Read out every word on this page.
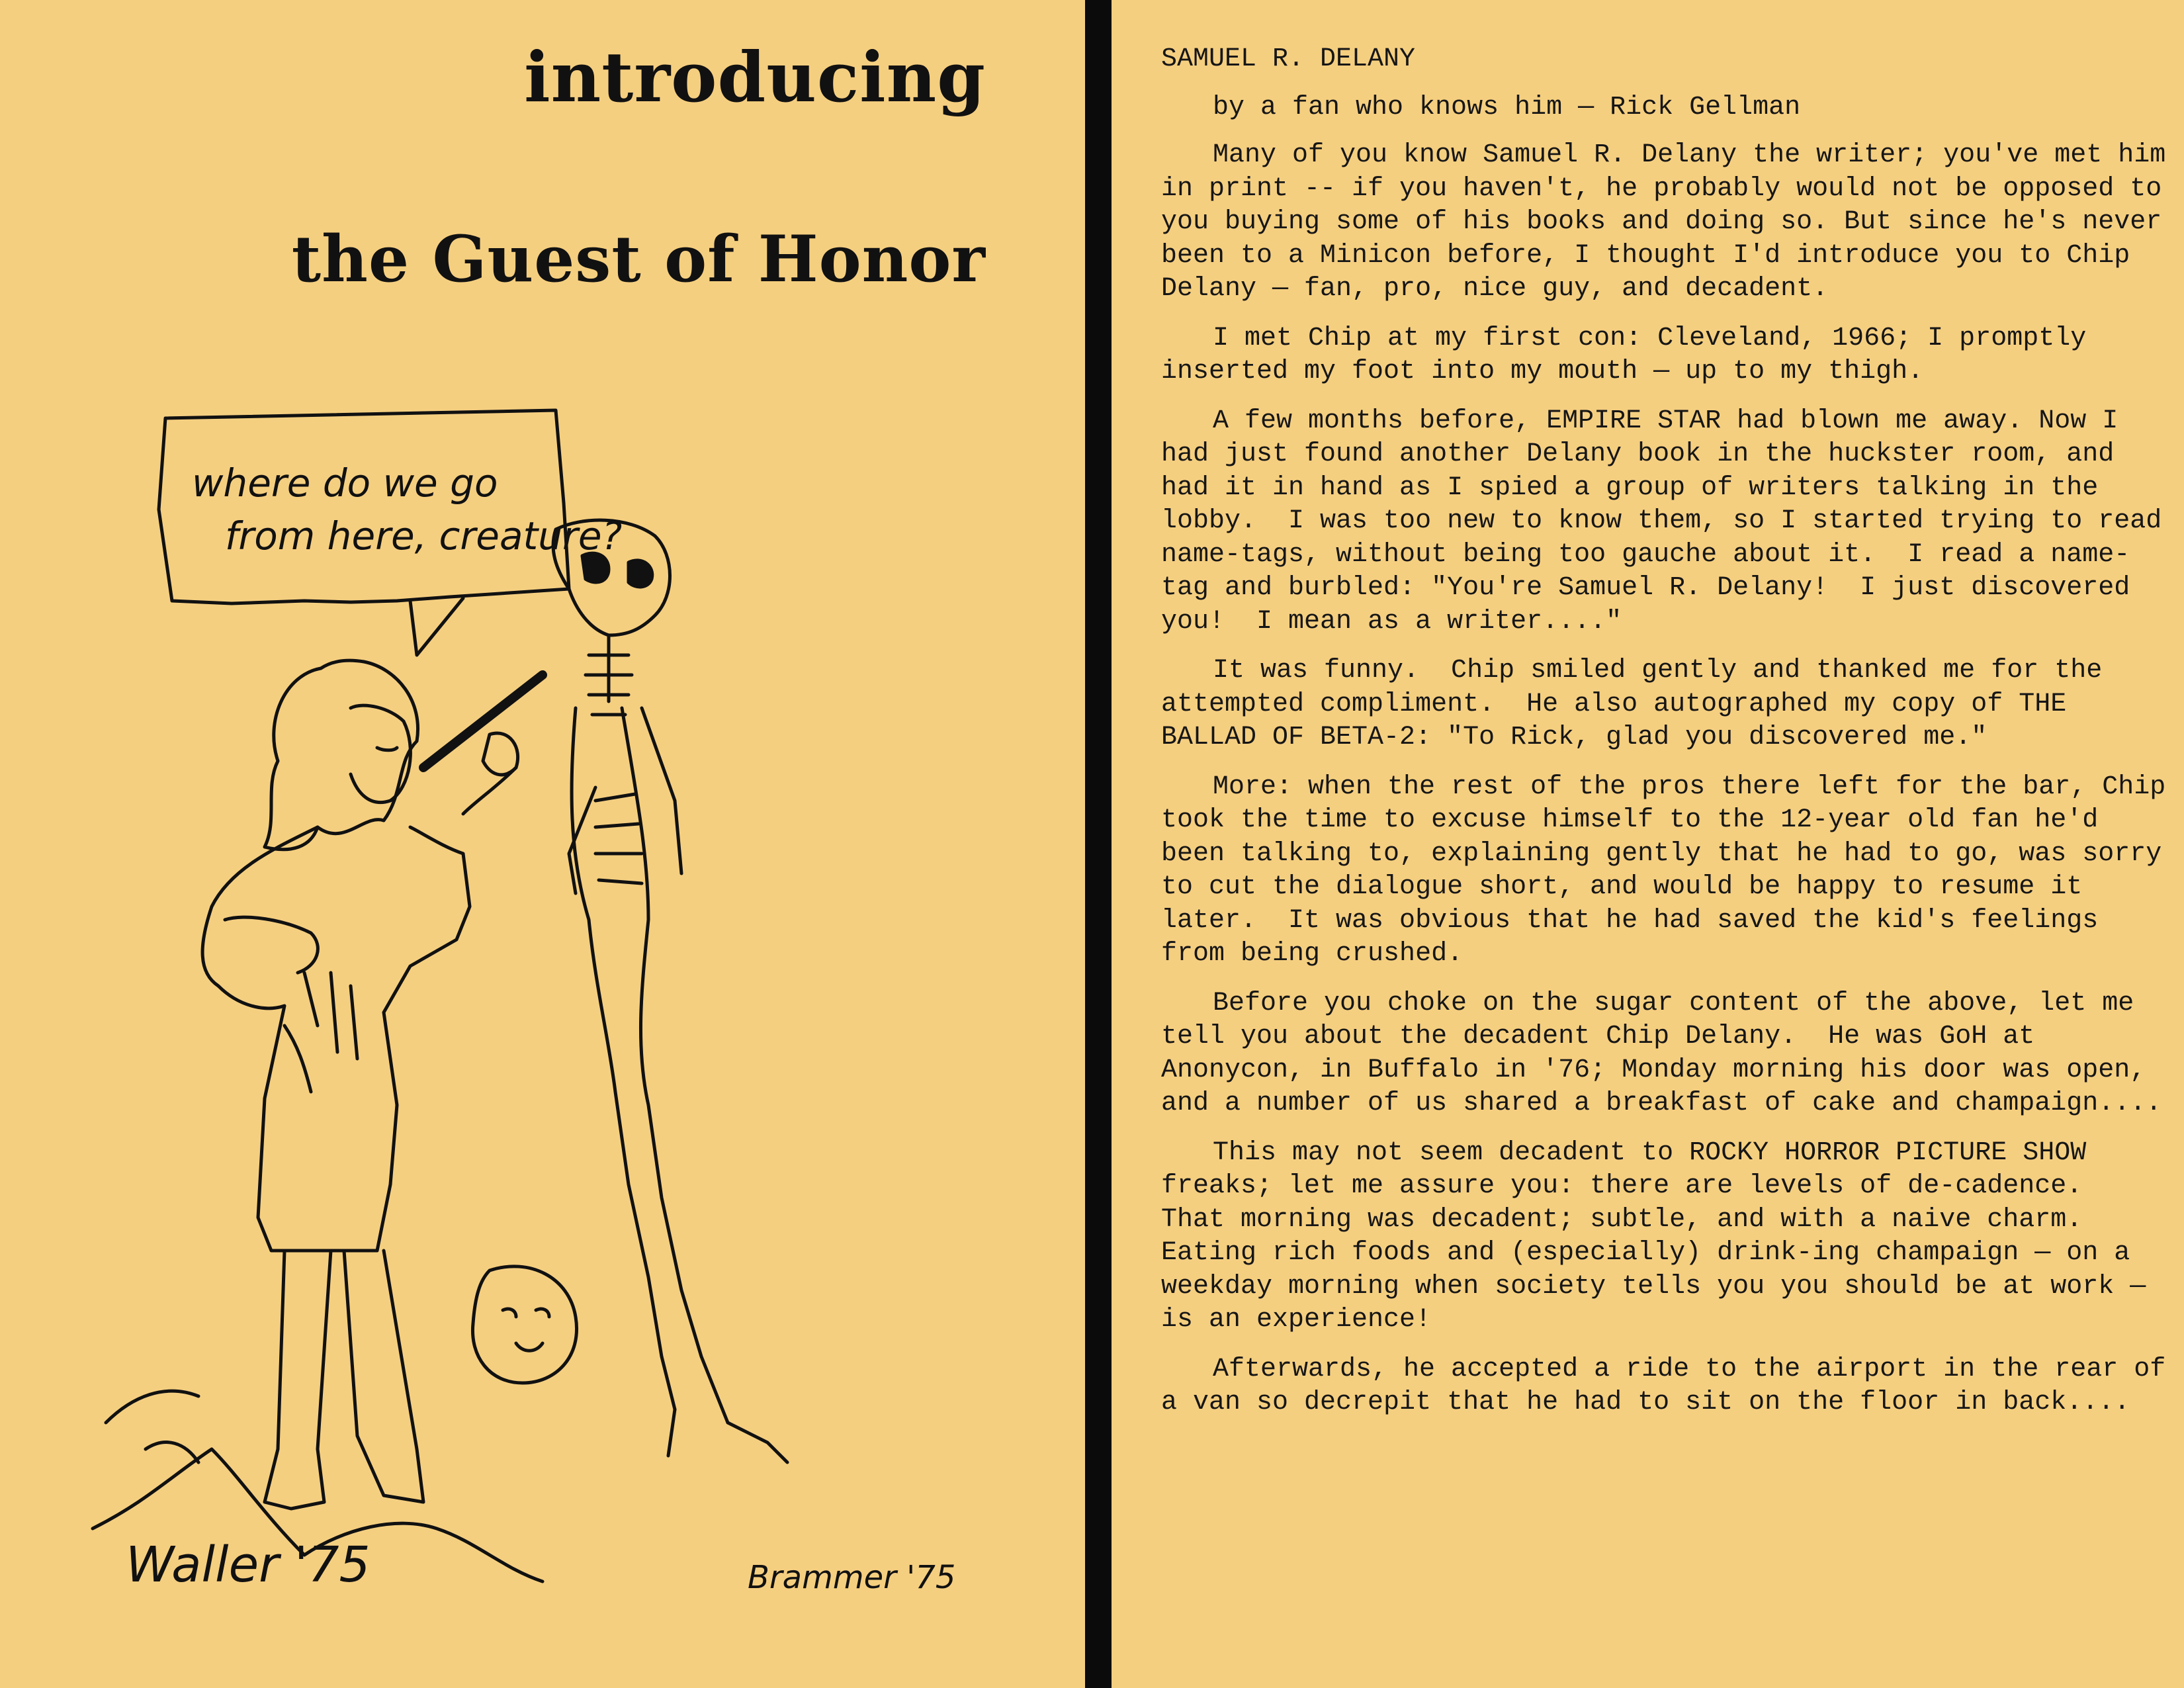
introducing
the Guest of Honor
where do we go
from here, creature?
Waller '75	Brammer '75

SAMUEL R. DELANY

by a fan who knows him — Rick Gellman

Many of you know Samuel R. Delany the writer; you've met him in print -- if you haven't, he probably would not be opposed to you buying some of his books and doing so. But since he's never been to a Minicon before, I thought I'd introduce you to Chip Delany — fan, pro, nice guy, and decadent.

I met Chip at my first con: Cleveland, 1966; I promptly inserted my foot into my mouth — up to my thigh.

A few months before, EMPIRE STAR had blown me away. Now I had just found another Delany book in the huckster room, and had it in hand as I spied a group of writers talking in the lobby.  I was too new to know them, so I started trying to read name-tags, without being too gauche about it.  I read a name-tag and burbled: "You're Samuel R. Delany!  I just discovered you!  I mean as a writer...."

It was funny.  Chip smiled gently and thanked me for the attempted compliment.  He also autographed my copy of THE BALLAD OF BETA-2: "To Rick, glad you discovered me."

More: when the rest of the pros there left for the bar, Chip took the time to excuse himself to the 12-year old fan he'd been talking to, explaining gently that he had to go, was sorry to cut the dialogue short, and would be happy to resume it later.  It was obvious that he had saved the kid's feelings from being crushed.

Before you choke on the sugar content of the above, let me tell you about the decadent Chip Delany.  He was GoH at Anonycon, in Buffalo in '76; Monday morning his door was open, and a number of us shared a breakfast of cake and champaign....

This may not seem decadent to ROCKY HORROR PICTURE SHOW freaks; let me assure you: there are levels of de-cadence.  That morning was decadent; subtle, and with a naive charm.  Eating rich foods and (especially) drink-ing champaign — on a weekday morning when society tells you you should be at work — is an experience!

Afterwards, he accepted a ride to the airport in the rear of a van so decrepit that he had to sit on the floor in back....
